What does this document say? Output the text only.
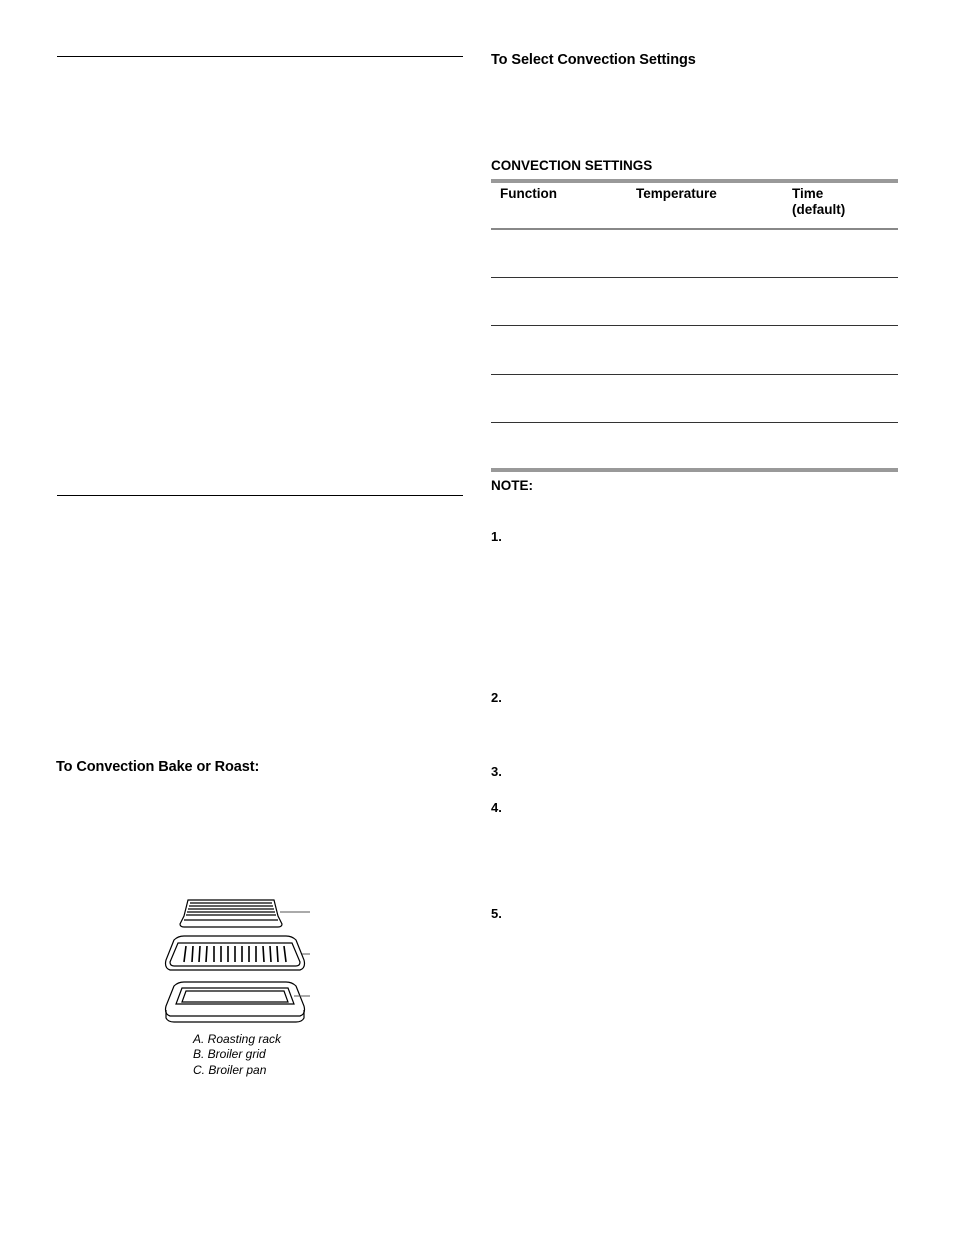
To Convection Bake or Roast:
A. Roasting rack
B. Broiler grid
C. Broiler pan
To Select Convection Settings
CONVECTION SETTINGS
Function	Temperature	Time
(default)
NOTE:
1.
2.
3.
4.
5.
